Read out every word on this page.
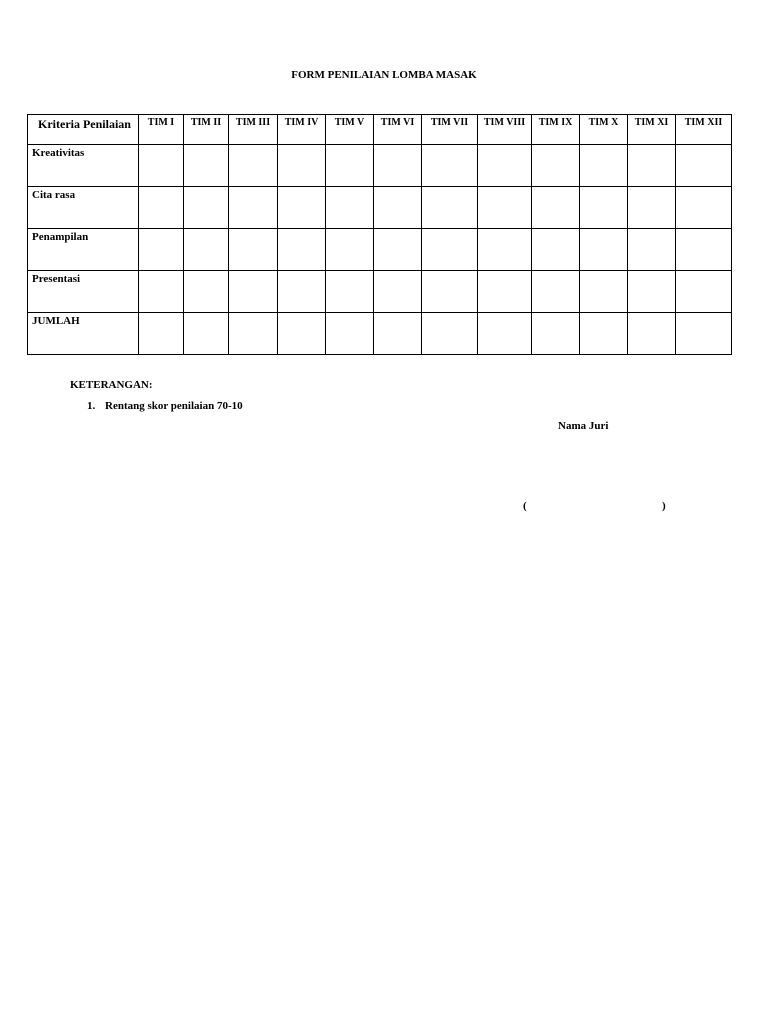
FORM PENILAIAN LOMBA MASAK
Kriteria Penilaian	TIM I	TIM II	TIM III	TIM IV	TIM V	TIM VI	TIM VII	TIM VIII	TIM IX	TIM X	TIM XI	TIM XII
Kreativitas												
Cita rasa												
Penampilan												
Presentasi												
JUMLAH												
KETERANGAN:
1. Rentang skor penilaian 70-10
Nama Juri
(	)
